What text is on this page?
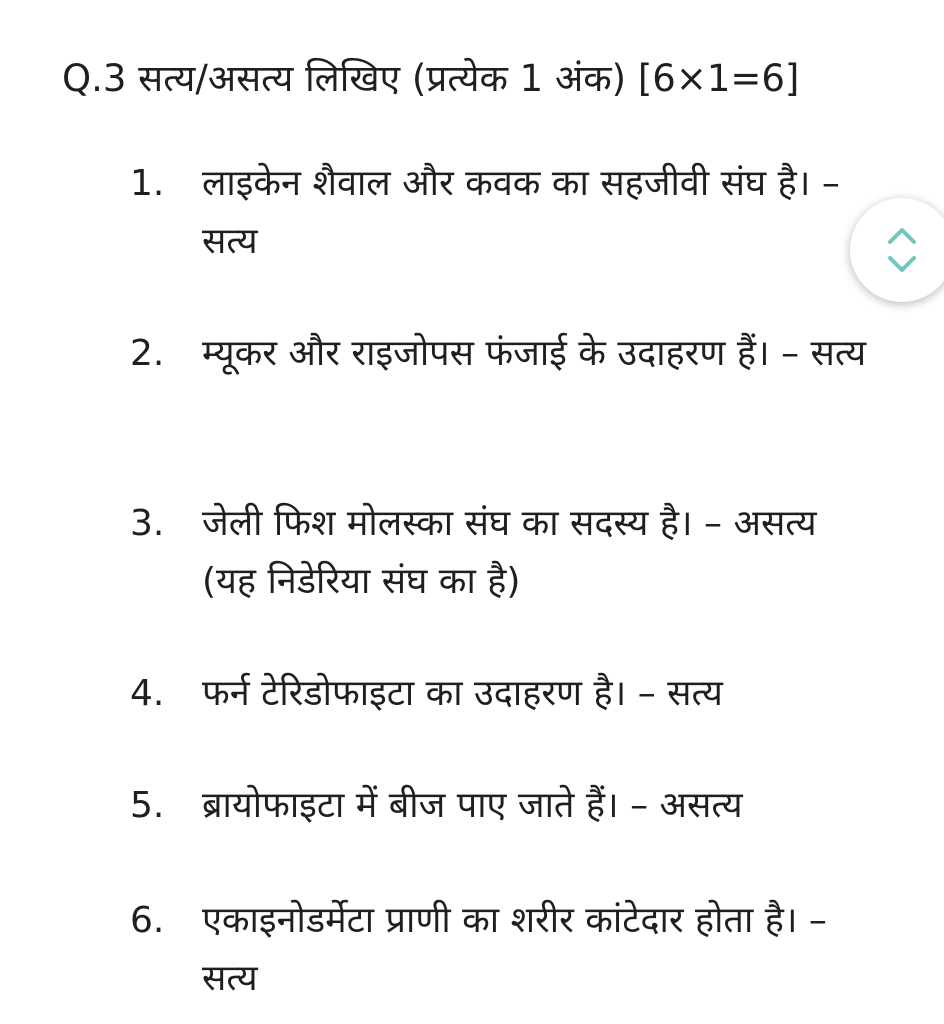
Q.3 सत्य/असत्य लिखिए (प्रत्येक 1 अंक) [6×1=6]
1.	लाइकेन शैवाल और कवक का सहजीवी संघ है। – सत्य
2.	म्यूकर और राइजोपस फंजाई के उदाहरण हैं। – सत्य
3.	जेली फिश मोलस्का संघ का सदस्य है। – असत्य (यह निडेरिया संघ का है)
4.	फर्न टेरिडोफाइटा का उदाहरण है। – सत्य
5.	ब्रायोफाइटा में बीज पाए जाते हैं। – असत्य
6.	एकाइनोडर्मेटा प्राणी का शरीर कांटेदार होता है। – सत्य
